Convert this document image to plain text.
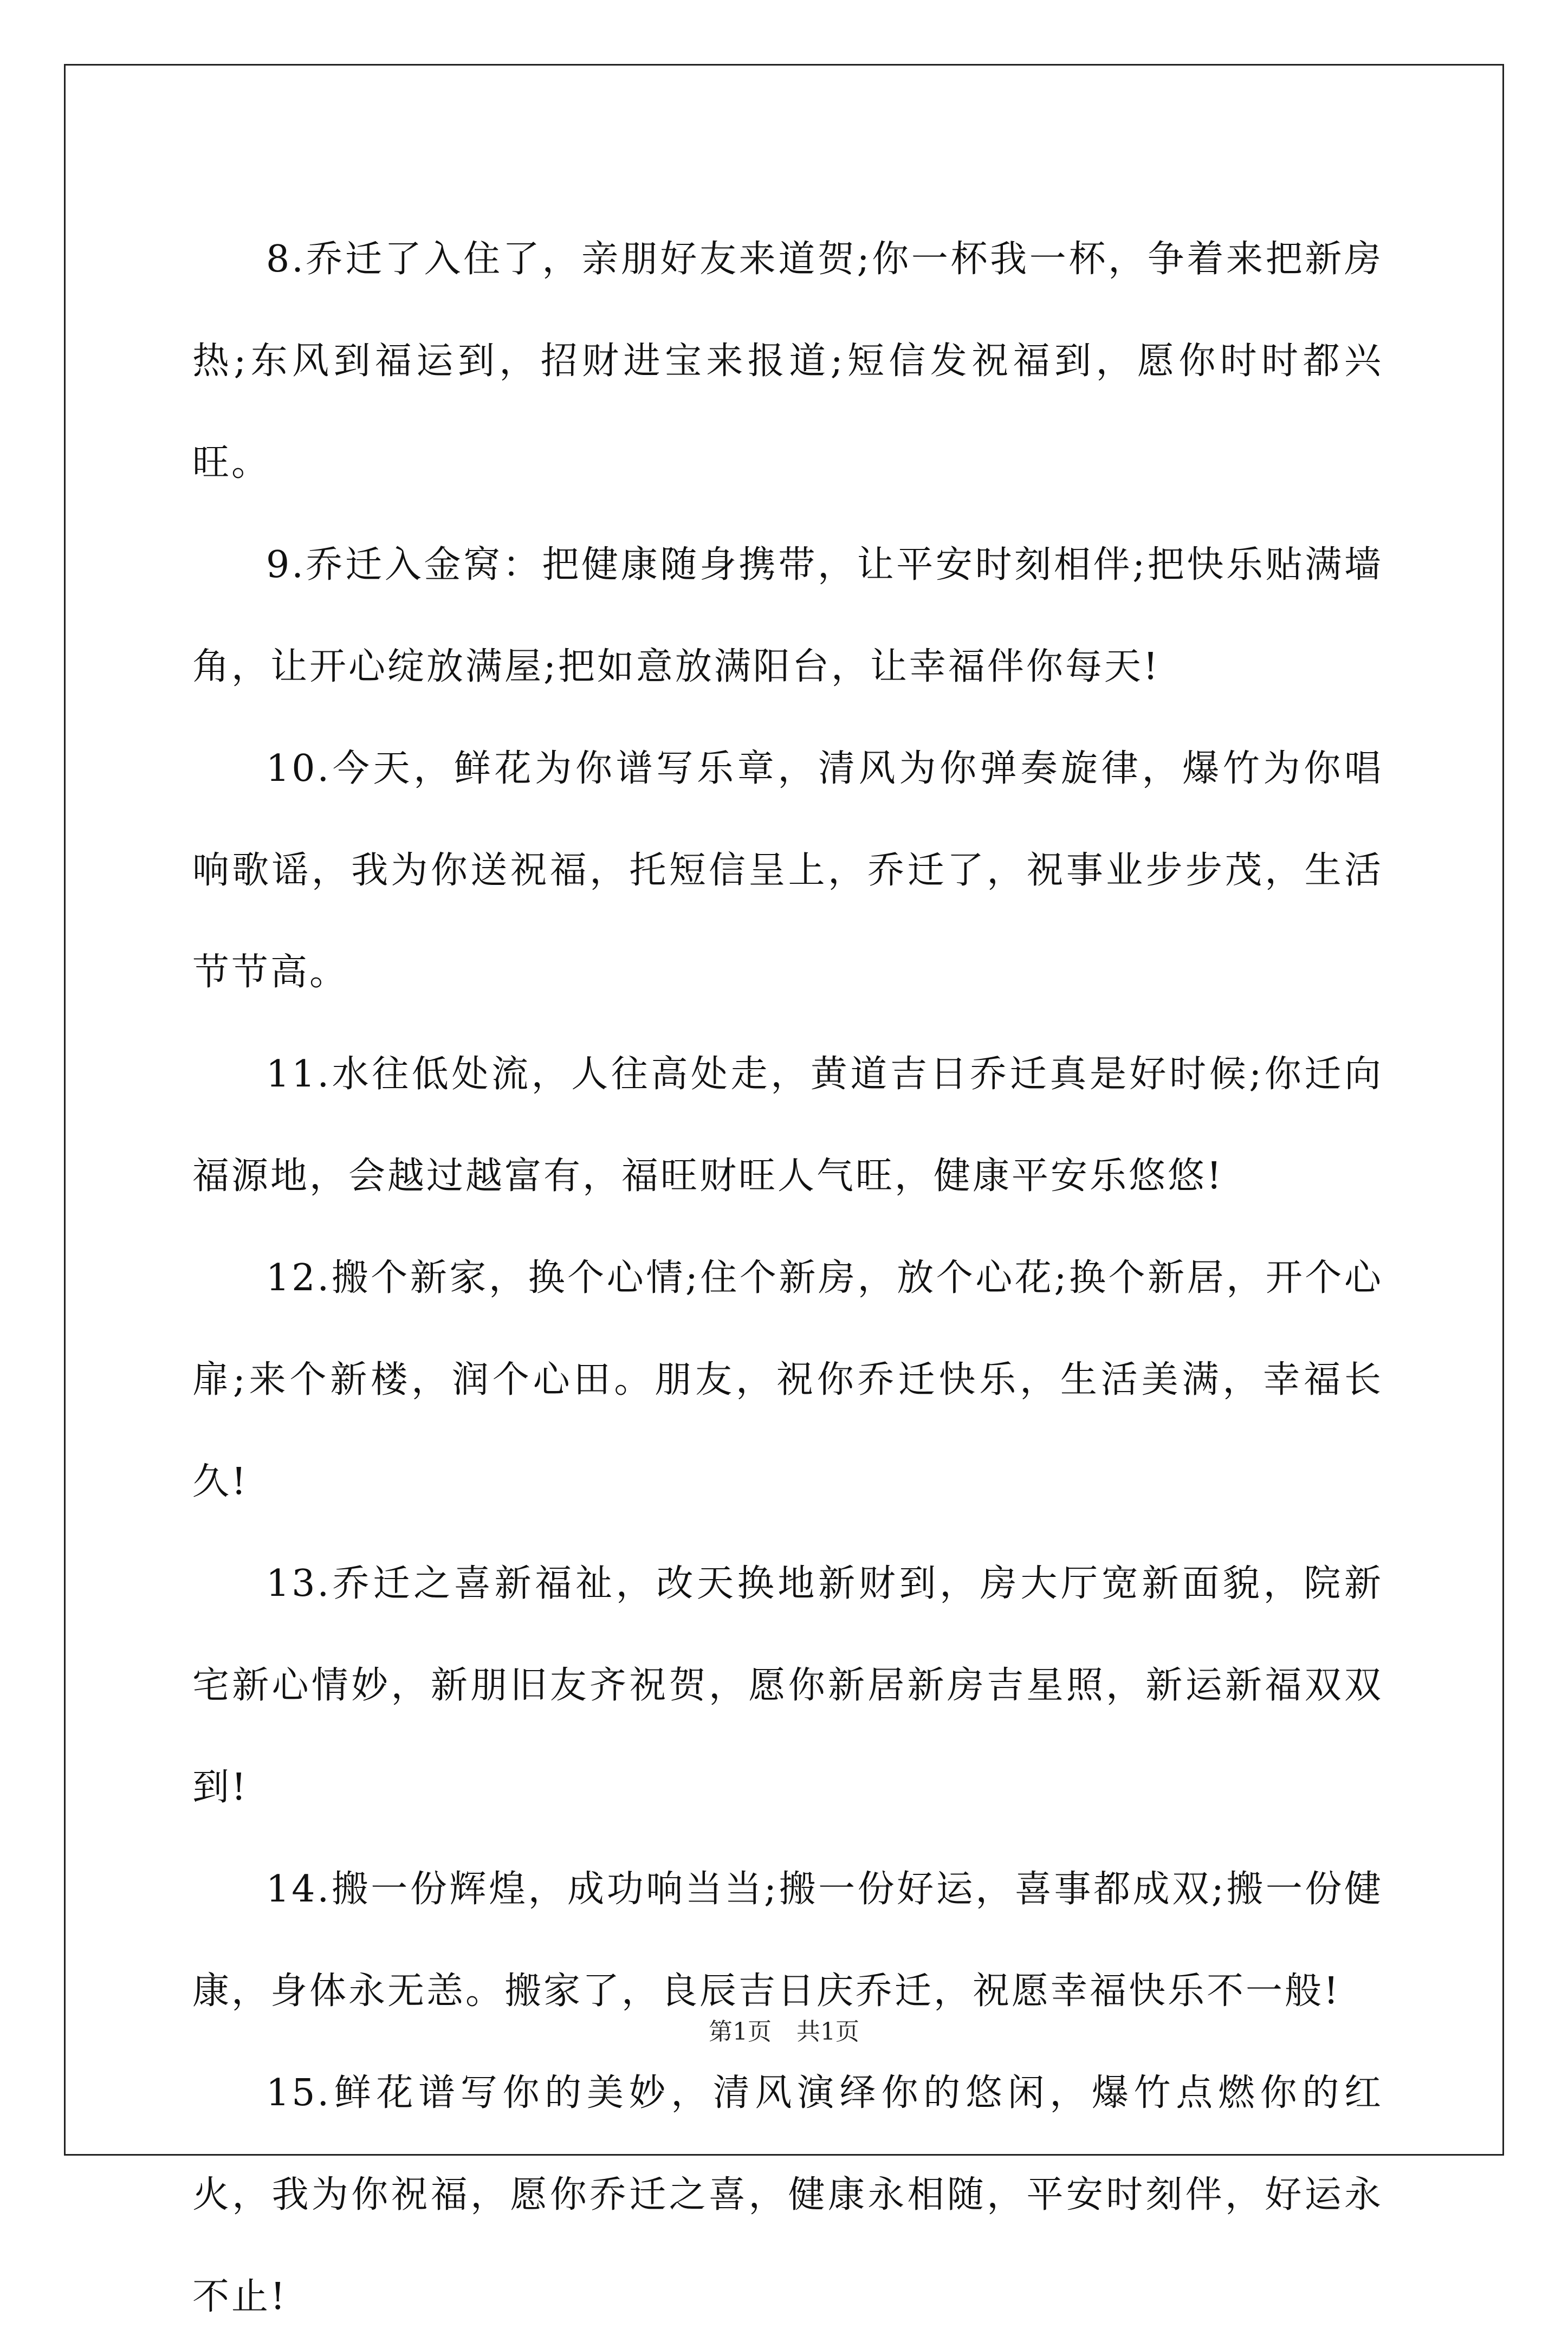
8.乔迁了入住了，亲朋好友来道贺;你一杯我一杯，争着来把新房热;东风到福运到，招财进宝来报道;短信发祝福到，愿你时时都兴旺。

9.乔迁入金窝：把健康随身携带，让平安时刻相伴;把快乐贴满墙角，让开心绽放满屋;把如意放满阳台，让幸福伴你每天!

10.今天，鲜花为你谱写乐章，清风为你弹奏旋律，爆竹为你唱响歌谣，我为你送祝福，托短信呈上，乔迁了，祝事业步步茂，生活节节高。

11.水往低处流，人往高处走，黄道吉日乔迁真是好时候;你迁向福源地，会越过越富有，福旺财旺人气旺，健康平安乐悠悠!

12.搬个新家，换个心情;住个新房，放个心花;换个新居，开个心扉;来个新楼，润个心田。朋友，祝你乔迁快乐，生活美满，幸福长久!

13.乔迁之喜新福祉，改天换地新财到，房大厅宽新面貌，院新宅新心情妙，新朋旧友齐祝贺，愿你新居新房吉星照，新运新福双双到!

14.搬一份辉煌，成功响当当;搬一份好运，喜事都成双;搬一份健康，身体永无恙。搬家了，良辰吉日庆乔迁，祝愿幸福快乐不一般!

15.鲜花谱写你的美妙，清风演绎你的悠闲，爆竹点燃你的红火，我为你祝福，愿你乔迁之喜，健康永相随，平安时刻伴，好运永不止!

第1页 共1页
